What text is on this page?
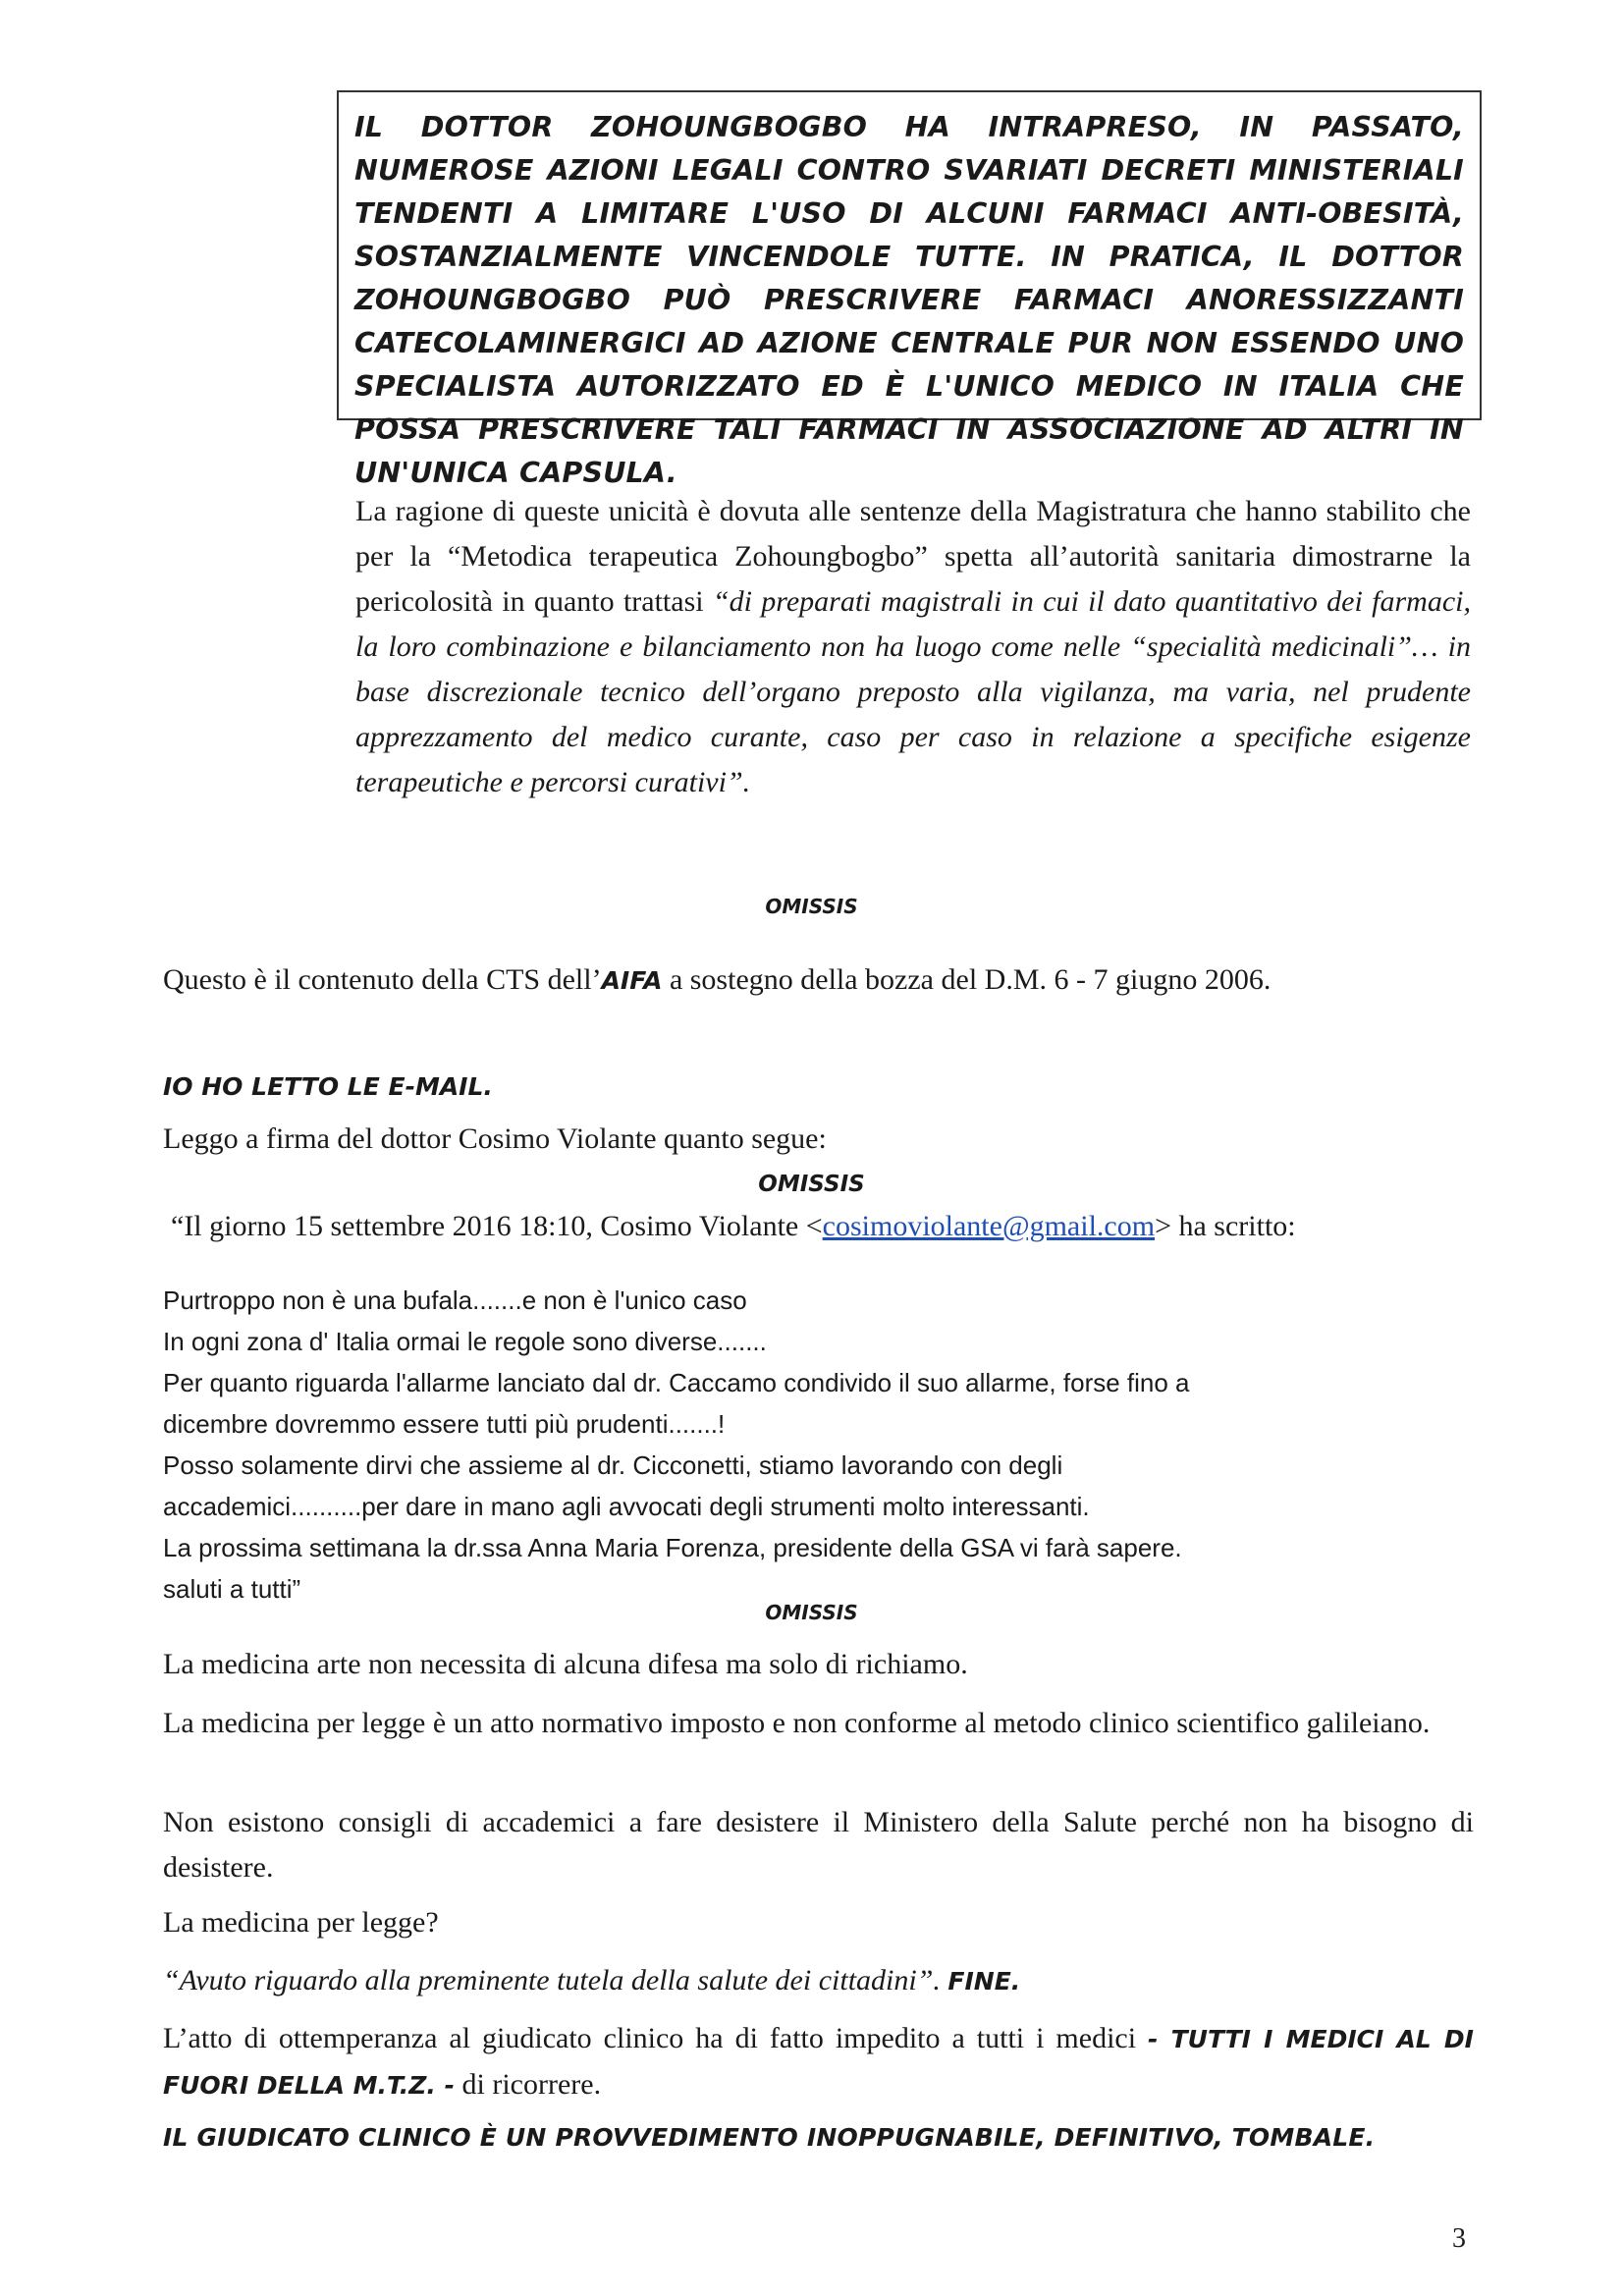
IL DOTTOR ZOHOUNGBOGBO HA INTRAPRESO, IN PASSATO, NUMEROSE AZIONI LEGALI CONTRO SVARIATI DECRETI MINISTERIALI TENDENTI A LIMITARE L'USO DI ALCUNI FARMACI ANTI-OBESITÀ, SOSTANZIALMENTE VINCENDOLE TUTTE. IN PRATICA, IL DOTTOR ZOHOUNGBOGBO PUÒ PRESCRIVERE FARMACI ANORESSIZZANTI CATECOLAMINERGICI AD AZIONE CENTRALE PUR NON ESSENDO UNO SPECIALISTA AUTORIZZATO ED È L'UNICO MEDICO IN ITALIA CHE POSSA PRESCRIVERE TALI FARMACI IN ASSOCIAZIONE AD ALTRI IN UN'UNICA CAPSULA.

La ragione di queste unicità è dovuta alle sentenze della Magistratura che hanno stabilito che per la “Metodica terapeutica Zohoungbogbo” spetta all’autorità sanitaria dimostrarne la pericolosità in quanto trattasi “di preparati magistrali in cui il dato quantitativo dei farmaci, la loro combinazione e bilanciamento non ha luogo come nelle “specialità medicinali”… in base discrezionale tecnico dell’organo preposto alla vigilanza, ma varia, nel prudente apprezzamento del medico curante, caso per caso in relazione a specifiche esigenze terapeutiche e percorsi curativi”.
OMISSIS
Questo è il contenuto della CTS dell’AIFA a sostegno della bozza del D.M. 6 - 7 giugno 2006.
IO HO LETTO LE E-MAIL.
Leggo a firma del dottor Cosimo Violante quanto segue:
OMISSIS
“Il giorno 15 settembre 2016 18:10, Cosimo Violante <cosimoviolante@gmail.com> ha scritto:
Purtroppo non è una bufala.......e non è l'unico caso
In ogni zona d' Italia ormai le regole sono diverse.......
Per quanto riguarda l'allarme lanciato dal dr. Caccamo condivido il suo allarme, forse fino a
dicembre dovremmo essere tutti più prudenti.......!
Posso solamente dirvi che assieme al dr. Cicconetti, stiamo lavorando con degli
accademici..........per dare in mano agli avvocati degli strumenti molto interessanti.
La prossima settimana la dr.ssa Anna Maria Forenza, presidente della GSA vi farà sapere.
saluti a tutti”
OMISSIS
La medicina arte non necessita di alcuna difesa ma solo di richiamo.
La medicina per legge è un atto normativo imposto e non conforme al metodo clinico scientifico galileiano.
Non esistono consigli di accademici a fare desistere il Ministero della Salute perché non ha bisogno di desistere.
La medicina per legge?
“Avuto riguardo alla preminente tutela della salute dei cittadini”. FINE.
L’atto di ottemperanza al giudicato clinico ha di fatto impedito a tutti i medici - TUTTI I MEDICI AL DI FUORI DELLA M.T.Z. - di ricorrere.
IL GIUDICATO CLINICO È UN PROVVEDIMENTO INOPPUGNABILE, DEFINITIVO, TOMBALE.
3
